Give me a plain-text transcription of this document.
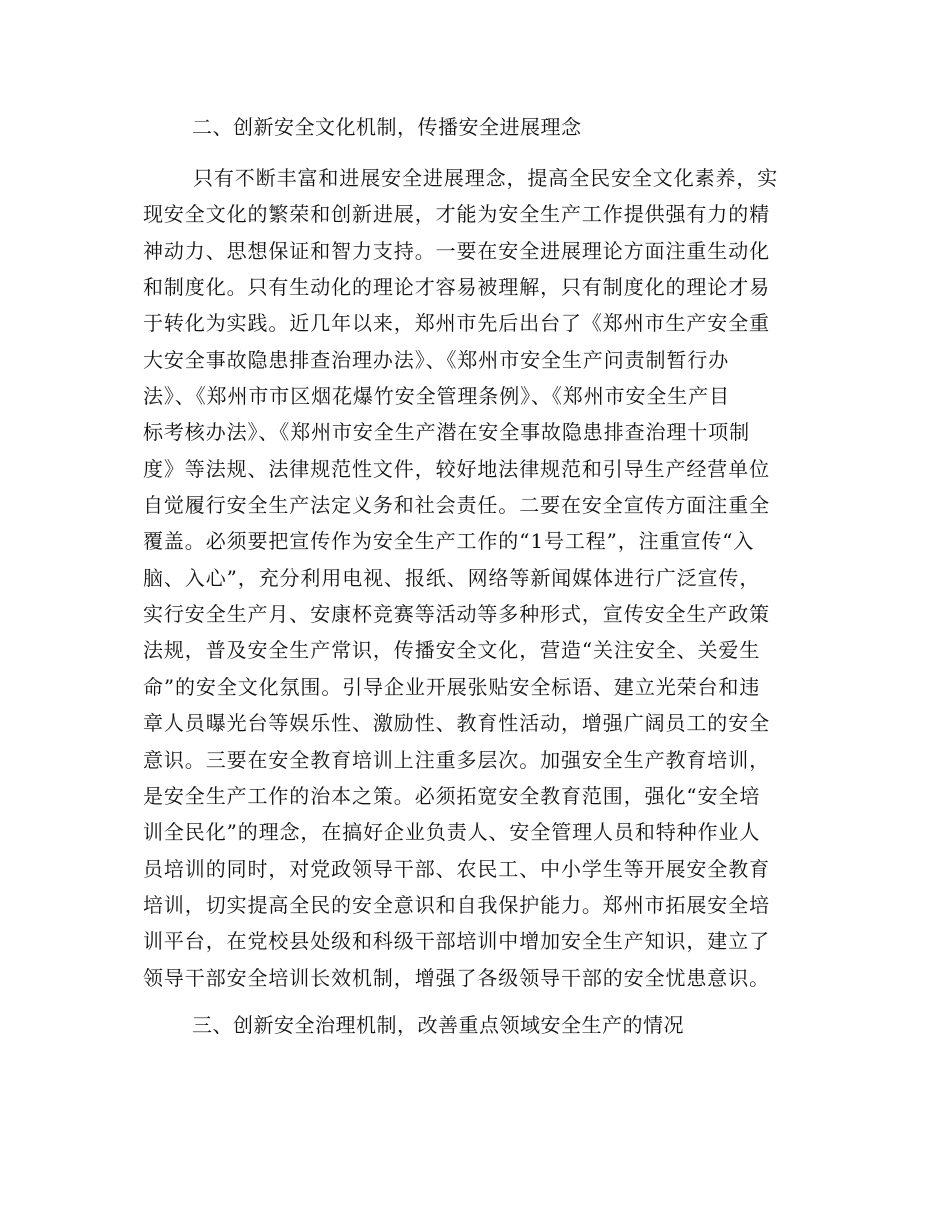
二、创新安全文化机制，传播安全进展理念

只有不断丰富和进展安全进展理念，提高全民安全文化素养，实
现安全文化的繁荣和创新进展，才能为安全生产工作提供强有力的精
神动力、思想保证和智力支持。一要在安全进展理论方面注重生动化
和制度化。只有生动化的理论才容易被理解，只有制度化的理论才易
于转化为实践。近几年以来，郑州市先后出台了《郑州市生产安全重
大安全事故隐患排查治理办法》、《郑州市安全生产问责制暂行办
法》、《郑州市市区烟花爆竹安全管理条例》、《郑州市安全生产目
标考核办法》、《郑州市安全生产潜在安全事故隐患排查治理十项制
度》等法规、法律规范性文件，较好地法律规范和引导生产经营单位
自觉履行安全生产法定义务和社会责任。二要在安全宣传方面注重全
覆盖。必须要把宣传作为安全生产工作的“1号工程”，注重宣传“入
脑、入心”，充分利用电视、报纸、网络等新闻媒体进行广泛宣传，
实行安全生产月、安康杯竞赛等活动等多种形式，宣传安全生产政策
法规，普及安全生产常识，传播安全文化，营造“关注安全、关爱生
命”的安全文化氛围。引导企业开展张贴安全标语、建立光荣台和违
章人员曝光台等娱乐性、激励性、教育性活动，增强广阔员工的安全
意识。三要在安全教育培训上注重多层次。加强安全生产教育培训，
是安全生产工作的治本之策。必须拓宽安全教育范围，强化“安全培
训全民化”的理念，在搞好企业负责人、安全管理人员和特种作业人
员培训的同时，对党政领导干部、农民工、中小学生等开展安全教育
培训，切实提高全民的安全意识和自我保护能力。郑州市拓展安全培
训平台，在党校县处级和科级干部培训中增加安全生产知识，建立了
领导干部安全培训长效机制，增强了各级领导干部的安全忧患意识。

三、创新安全治理机制，改善重点领域安全生产的情况
